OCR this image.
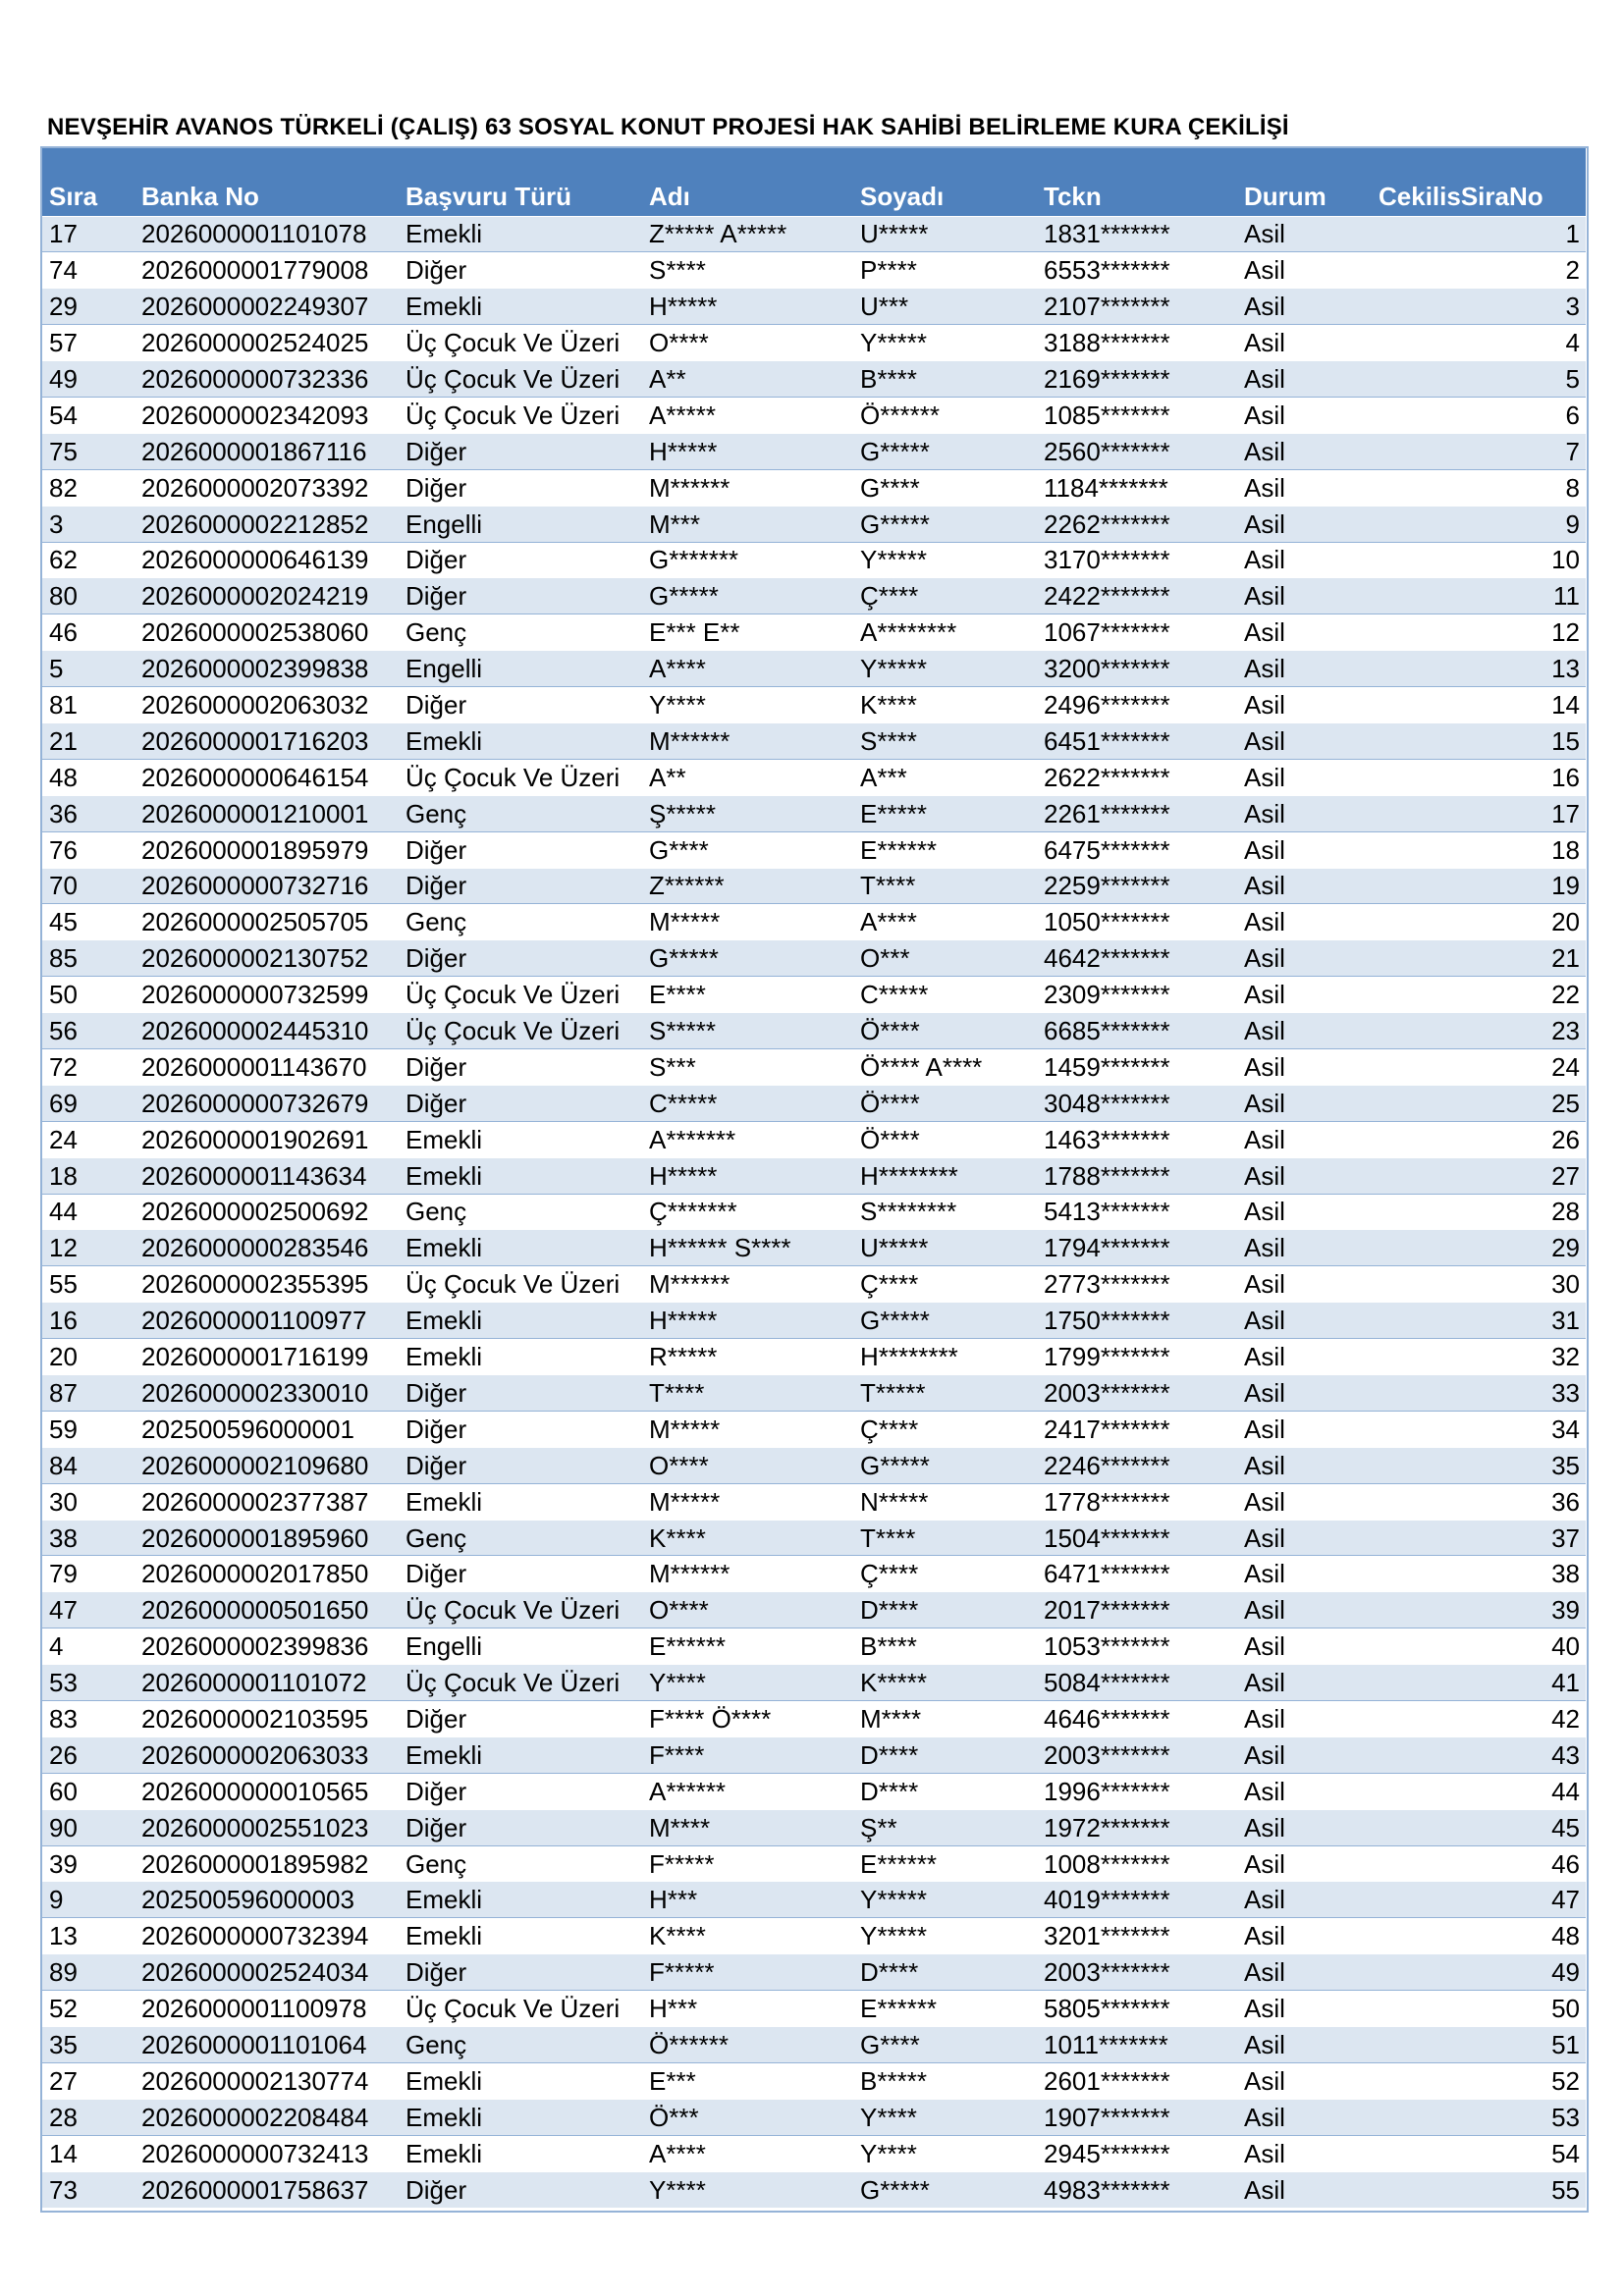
NEVŞEHİR AVANOS TÜRKELİ (ÇALIŞ) 63 SOSYAL KONUT PROJESİ HAK SAHİBİ BELİRLEME KURA ÇEKİLİŞİ
Sıra	Banka No	Başvuru Türü	Adı	Soyadı	Tckn	Durum	CekilisSiraNo
17	2026000001101078	Emekli	Z***** A*****	U*****	1831*******	Asil	1
74	2026000001779008	Diğer	S****	P****	6553*******	Asil	2
29	2026000002249307	Emekli	H*****	U***	2107*******	Asil	3
57	2026000002524025	Üç Çocuk Ve Üzeri	O****	Y*****	3188*******	Asil	4
49	2026000000732336	Üç Çocuk Ve Üzeri	A**	B****	2169*******	Asil	5
54	2026000002342093	Üç Çocuk Ve Üzeri	A*****	Ö******	1085*******	Asil	6
75	2026000001867116	Diğer	H*****	G*****	2560*******	Asil	7
82	2026000002073392	Diğer	M******	G****	1184*******	Asil	8
3	2026000002212852	Engelli	M***	G*****	2262*******	Asil	9
62	2026000000646139	Diğer	G*******	Y*****	3170*******	Asil	10
80	2026000002024219	Diğer	G*****	Ç****	2422*******	Asil	11
46	2026000002538060	Genç	E*** E**	A********	1067*******	Asil	12
5	2026000002399838	Engelli	A****	Y*****	3200*******	Asil	13
81	2026000002063032	Diğer	Y****	K****	2496*******	Asil	14
21	2026000001716203	Emekli	M******	S****	6451*******	Asil	15
48	2026000000646154	Üç Çocuk Ve Üzeri	A**	A***	2622*******	Asil	16
36	2026000001210001	Genç	Ş*****	E*****	2261*******	Asil	17
76	2026000001895979	Diğer	G****	E******	6475*******	Asil	18
70	2026000000732716	Diğer	Z******	T****	2259*******	Asil	19
45	2026000002505705	Genç	M*****	A****	1050*******	Asil	20
85	2026000002130752	Diğer	G*****	O***	4642*******	Asil	21
50	2026000000732599	Üç Çocuk Ve Üzeri	E****	C*****	2309*******	Asil	22
56	2026000002445310	Üç Çocuk Ve Üzeri	S*****	Ö****	6685*******	Asil	23
72	2026000001143670	Diğer	S***	Ö**** A****	1459*******	Asil	24
69	2026000000732679	Diğer	C*****	Ö****	3048*******	Asil	25
24	2026000001902691	Emekli	A*******	Ö****	1463*******	Asil	26
18	2026000001143634	Emekli	H*****	H********	1788*******	Asil	27
44	2026000002500692	Genç	Ç*******	S********	5413*******	Asil	28
12	2026000000283546	Emekli	H****** S****	U*****	1794*******	Asil	29
55	2026000002355395	Üç Çocuk Ve Üzeri	M******	Ç****	2773*******	Asil	30
16	2026000001100977	Emekli	H*****	G*****	1750*******	Asil	31
20	2026000001716199	Emekli	R*****	H********	1799*******	Asil	32
87	2026000002330010	Diğer	T****	T*****	2003*******	Asil	33
59	202500596000001	Diğer	M*****	Ç****	2417*******	Asil	34
84	2026000002109680	Diğer	O****	G*****	2246*******	Asil	35
30	2026000002377387	Emekli	M*****	N*****	1778*******	Asil	36
38	2026000001895960	Genç	K****	T****	1504*******	Asil	37
79	2026000002017850	Diğer	M******	Ç****	6471*******	Asil	38
47	2026000000501650	Üç Çocuk Ve Üzeri	O****	D****	2017*******	Asil	39
4	2026000002399836	Engelli	E******	B****	1053*******	Asil	40
53	2026000001101072	Üç Çocuk Ve Üzeri	Y****	K*****	5084*******	Asil	41
83	2026000002103595	Diğer	F**** Ö****	M****	4646*******	Asil	42
26	2026000002063033	Emekli	F****	D****	2003*******	Asil	43
60	2026000000010565	Diğer	A******	D****	1996*******	Asil	44
90	2026000002551023	Diğer	M****	Ş**	1972*******	Asil	45
39	2026000001895982	Genç	F*****	E******	1008*******	Asil	46
9	202500596000003	Emekli	H***	Y*****	4019*******	Asil	47
13	2026000000732394	Emekli	K****	Y*****	3201*******	Asil	48
89	2026000002524034	Diğer	F*****	D****	2003*******	Asil	49
52	2026000001100978	Üç Çocuk Ve Üzeri	H***	E******	5805*******	Asil	50
35	2026000001101064	Genç	Ö******	G****	1011*******	Asil	51
27	2026000002130774	Emekli	E***	B*****	2601*******	Asil	52
28	2026000002208484	Emekli	Ö***	Y****	1907*******	Asil	53
14	2026000000732413	Emekli	A****	Y****	2945*******	Asil	54
73	2026000001758637	Diğer	Y****	G*****	4983*******	Asil	55
